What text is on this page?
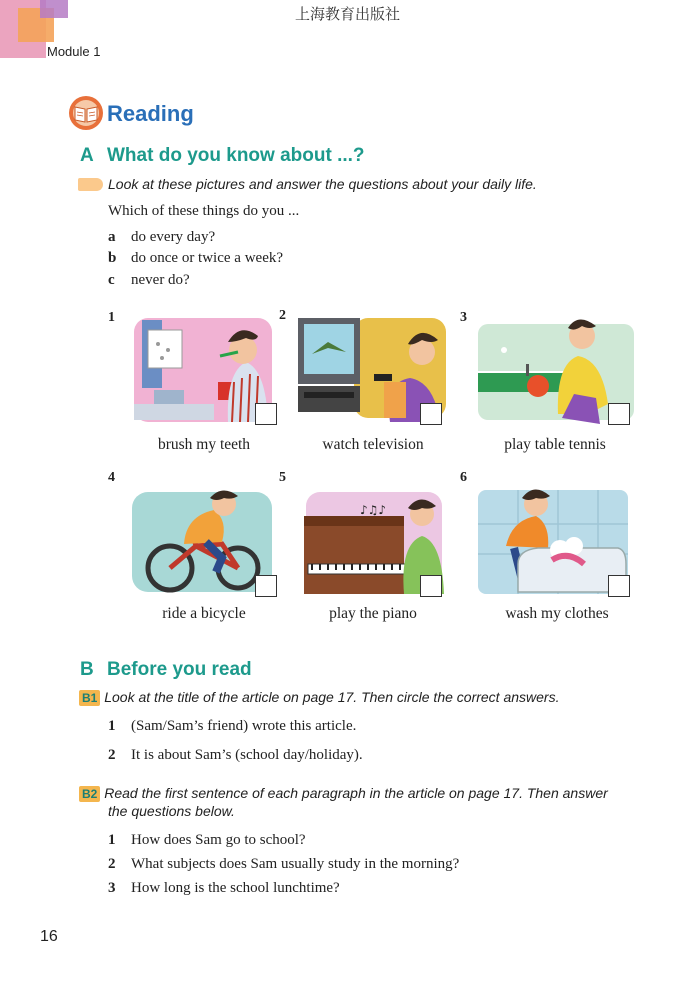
上海教育出版社
Module 1
Reading
A What do you know about ...?
Look at these pictures and answer the questions about your daily life.
Which of these things do you ...
a do every day?
b do once or twice a week?
c never do?
1
brush my teeth
2
watch television
3
play table tennis
4
ride a bicycle
5
♪♫♪
play the piano
6
wash my clothes
B Before you read
B1 Look at the title of the article on page 17. Then circle the correct answers.
1 (Sam/Sam’s friend) wrote this article.
2 It is about Sam’s (school day/holiday).
B2 Read the first sentence of each paragraph in the article on page 17. Then answer
the questions below.
1 How does Sam go to school?
2 What subjects does Sam usually study in the morning?
3 How long is the school lunchtime?
16
